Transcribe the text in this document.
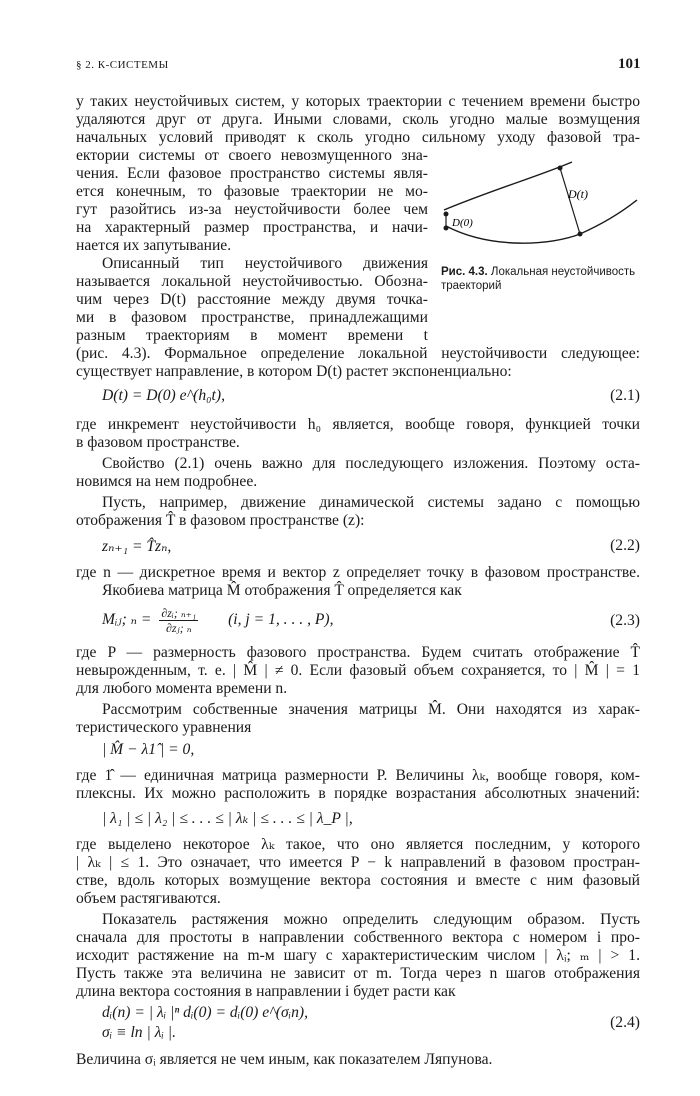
§ 2. К-СИСТЕМЫ	101
у таких неустойчивых систем, у которых траектории с течением времени быстро
удаляются друг от друга. Иными словами, сколь угодно малые возмущения
начальных условий приводят к сколь угодно сильному уходу фазовой тра-
ектории системы от своего невозмущенного зна-
чения. Если фазовое пространство системы явля-
ется конечным, то фазовые траектории не мо-
гут разойтись из-за неустойчивости более чем
на характерный размер пространства, и начи-
нается их запутывание.
Описанный тип неустойчивого движения
называется локальной неустойчивостью. Обозна-
чим через D(t) расстояние между двумя точка-
ми в фазовом пространстве, принадлежащими
разным траекториям в момент времени t
(рис. 4.3). Формальное определение локальной неустойчивости следующее:
существует направление, в котором D(t) растет экспоненциально:
D(t)
D(0)
Рис. 4.3. Локальная неустойчивость траекторий
D(t) = D(0) e^(h₀t),	(2.1)
где инкремент неустойчивости h₀ является, вообще говоря, функцией точки
в фазовом пространстве.
Свойство (2.1) очень важно для последующего изложения. Поэтому оста-
новимся на нем подробнее.
Пусть, например, движение динамической системы задано с помощью
отображения T̂ в фазовом пространстве (z):
zₙ₊₁ = T̂zₙ,	(2.2)
где n — дискретное время и вектор z определяет точку в фазовом пространстве.
Якобиева матрица M̂ отображения T̂ определяется как
Mᵢⱼ; $_n = \frac{\text{∂zᵢ; ₙ₊₁}}{\text{∂zⱼ; ₙ}} (i$, j = 1, . . . , P),	(2.3)
где P — размерность фазового пространства. Будем считать отображение T̂
невырожденным, т. е. | M̂ | ≠ 0. Если фазовый объем сохраняется, то | M̂ | = 1
для любого момента времени n.
Рассмотрим собственные значения матрицы M̂. Они находятся из харак-
теристического уравнения
| M̂ − λ1̂ | = 0,
где 1̂ — единичная матрица размерности P. Величины λₖ, вообще говоря, ком-
плексны. Их можно расположить в порядке возрастания абсолютных значений:
| λ₁ | ≤ | λ₂ | ≤ . . . ≤ | λₖ | ≤ . . . ≤ | λ_P |,
где выделено некоторое λₖ такое, что оно является последним, у которого
| λₖ | ≤ 1. Это означает, что имеется P − k направлений в фазовом простран-
стве, вдоль которых возмущение вектора состояния и вместе с ним фазовый
объем растягиваются.
Показатель растяжения можно определить следующим образом. Пусть
сначала для простоты в направлении собственного вектора с номером i про-
исходит растяжение на m-м шагу с характеристическим числом | λᵢ; ₘ | > 1.
Пусть также эта величина не зависит от m. Тогда через n шагов отображения
длина вектора состояния в направлении i будет расти как
dᵢ(n) = | λᵢ |ⁿ dᵢ(0) = dᵢ(0) e^(σᵢn),
σᵢ ≡ ln | λᵢ |.
(2.4)
Величина σᵢ является не чем иным, как показателем Ляпунова.
